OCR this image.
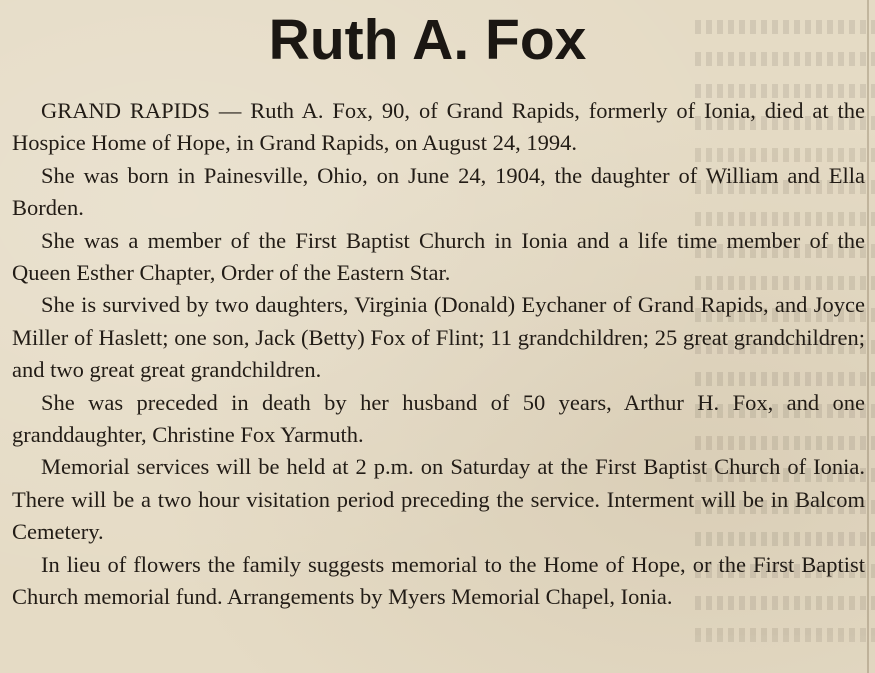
Ruth A. Fox

GRAND RAPIDS — Ruth A. Fox, 90, of Grand Rapids, formerly of Ionia, died at the Hospice Home of Hope, in Grand Rapids, on August 24, 1994.

She was born in Painesville, Ohio, on June 24, 1904, the daughter of William and Ella Borden.

She was a member of the First Baptist Church in Ionia and a life time member of the Queen Esther Chapter, Order of the Eastern Star.

She is survived by two daughters, Virginia (Donald) Eychaner of Grand Rapids, and Joyce Miller of Haslett; one son, Jack (Betty) Fox of Flint; 11 grandchildren; 25 great grandchildren; and two great great grandchildren.

She was preceded in death by her husband of 50 years, Arthur H. Fox, and one granddaughter, Christine Fox Yarmuth.

Memorial services will be held at 2 p.m. on Saturday at the First Baptist Church of Ionia. There will be a two hour visitation period preceding the service. Interment will be in Balcom Cemetery.

In lieu of flowers the family suggests memorial to the Home of Hope, or the First Baptist Church memorial fund. Arrangements by Myers Memorial Chapel, Ionia.
